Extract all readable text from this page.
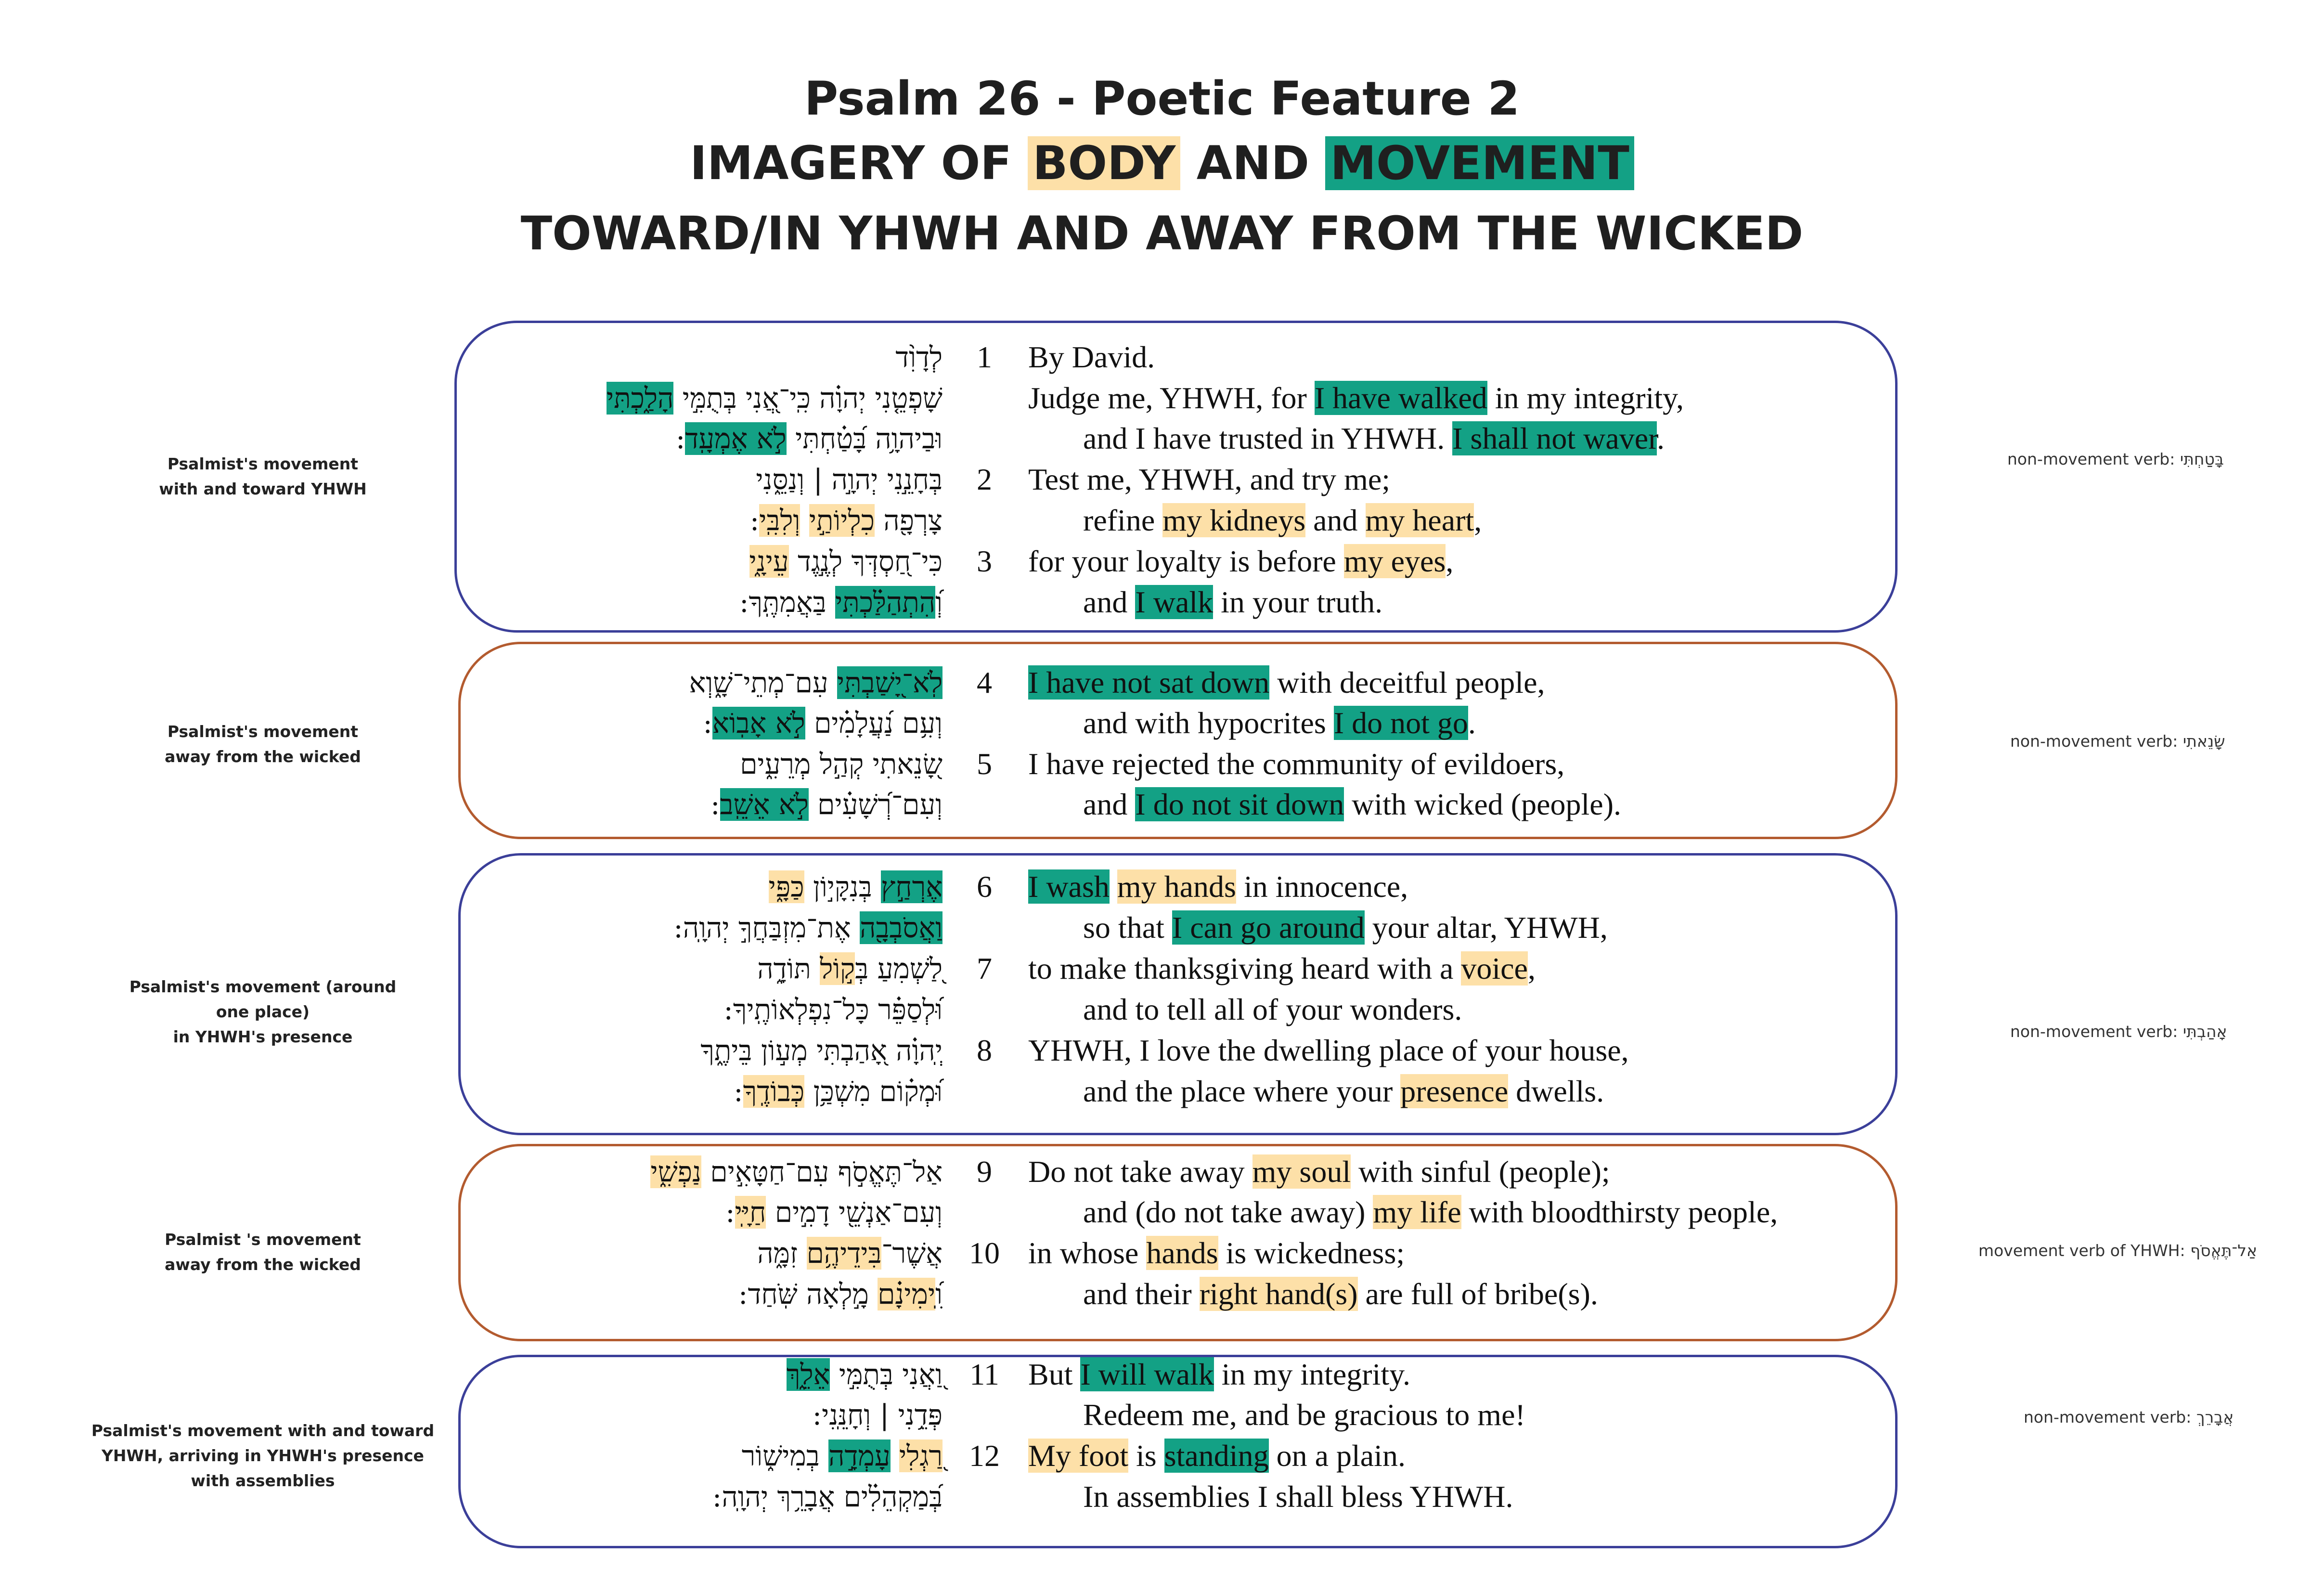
Psalm 26 - Poetic Feature 2
IMAGERY OF BODY AND MOVEMENT
TOWARD/IN YHWH AND AWAY FROM THE WICKED
Psalmist's movement
with and toward YHWH
Psalmist's movement
away from the wicked
Psalmist's movement (around one place)
in YHWH's presence
Psalmist 's movement
away from the wicked
Psalmist's movement with and toward
YHWH, arriving in YHWH's presence
with assemblies
non-movement verb: בָּטַחְתִּי
non-movement verb: שָׂנֵאתִי
non-movement verb: אָהַבְתִּי
movement verb of YHWH: אַל־תֶּאֱסֹף
non-movement verb: אֲבָרֵךְ
1
2
3
4
5
6
7
8
9
10
11
12
לְדָוִ֨ד
שָׁפְטֵ֤נִי יְהוָ֗ה כִּֽי־אֲ֭נִי בְּתֻמִּ֣י הָלַ֑כְתִּי
וּבַיהוָ֥ה בָּ֝טַ֗חְתִּי לֹ֣א אֶמְעָֽד:
בְּחָנֵ֣נִי יְהוָ֣ה | וְנַסֵּ֑נִי
צָרְפָ֖ה כִלְיוֹתַ֣י וְלִבִּֽי:
כִּי־חַ֭סְדְּךָ לְנֶ֣גֶד עֵינָ֑י
וְ֝הִתְהַלַּ֗כְתִּי בַּאֲמִתֶּֽךָ:
לֹֽא־יָ֭שַׁבְתִּי עִם־מְתֵי־שָׁ֑וְא
וְעִ֥ם נַ֝עֲלָמִ֗ים לֹ֣א אָבֽוֹא:
שָׂ֭נֵאתִי קְהַ֣ל מְרֵעִ֑ים
וְעִם־רְ֝שָׁעִ֗ים לֹ֣א אֵשֵֽׁב:
אֶרְחַ֣ץ בְּנִקָּי֣וֹן כַּפָּ֑י
וַאֲסֹבְבָ֖ה אֶת־מִזְבַּחֲךָ֣ יְהוָֽה:
לַ֭שְׁמִעַ בְּק֣וֹל תּוֹדָ֑ה
וּ֝לְסַפֵּ֗ר כָּל־נִפְלְאוֹתֶֽיךָ:
יְֽהוָ֗ה אָ֭הַבְתִּי מְע֣וֹן בֵּיתֶ֑ךָ
וּ֝מְק֗וֹם מִשְׁכַּ֥ן כְּבוֹדֶֽךָ:
אַל־תֶּאֱסֹ֣ף עִם־חַטָּאִ֣ים נַפְשִׁ֑י
וְעִם־אַנְשֵׁ֖י דָמִ֣ים חַיָּֽי:
אֲשֶׁר־בִּידֵיהֶ֥ם זִמָּ֑ה
וִֽ֝ימִינָ֗ם מָ֣לְאָה שֹּֽׁחַד:
וַ֭אֲנִי בְּתֻמִּ֣י אֵלֵ֑ךְ
פְּדֵ֥נִי | וְחָנֵּֽנִי:
רַ֭גְלִי עָמְדָ֣ה בְמִישׁ֑וֹר
בְּ֝מַקְהֵלִ֗ים אֲבָרֵ֥ךְ יְהוָֽה:
By David.
Judge me, YHWH, for I have walked in my integrity,
and I have trusted in YHWH. I shall not waver.
Test me, YHWH, and try me;
refine my kidneys and my heart,
for your loyalty is before my eyes,
and I walk in your truth.
I have not sat down with deceitful people,
and with hypocrites I do not go.
I have rejected the community of evildoers,
and I do not sit down with wicked (people).
I wash my hands in innocence,
so that I can go around your altar, YHWH,
to make thanksgiving heard with a voice,
and to tell all of your wonders.
YHWH, I love the dwelling place of your house,
and the place where your presence dwells.
Do not take away my soul with sinful (people);
and (do not take away) my life with bloodthirsty people,
in whose hands is wickedness;
and their right hand(s) are full of bribe(s).
But I will walk in my integrity.
Redeem me, and be gracious to me!
My foot is standing on a plain.
In assemblies I shall bless YHWH.
